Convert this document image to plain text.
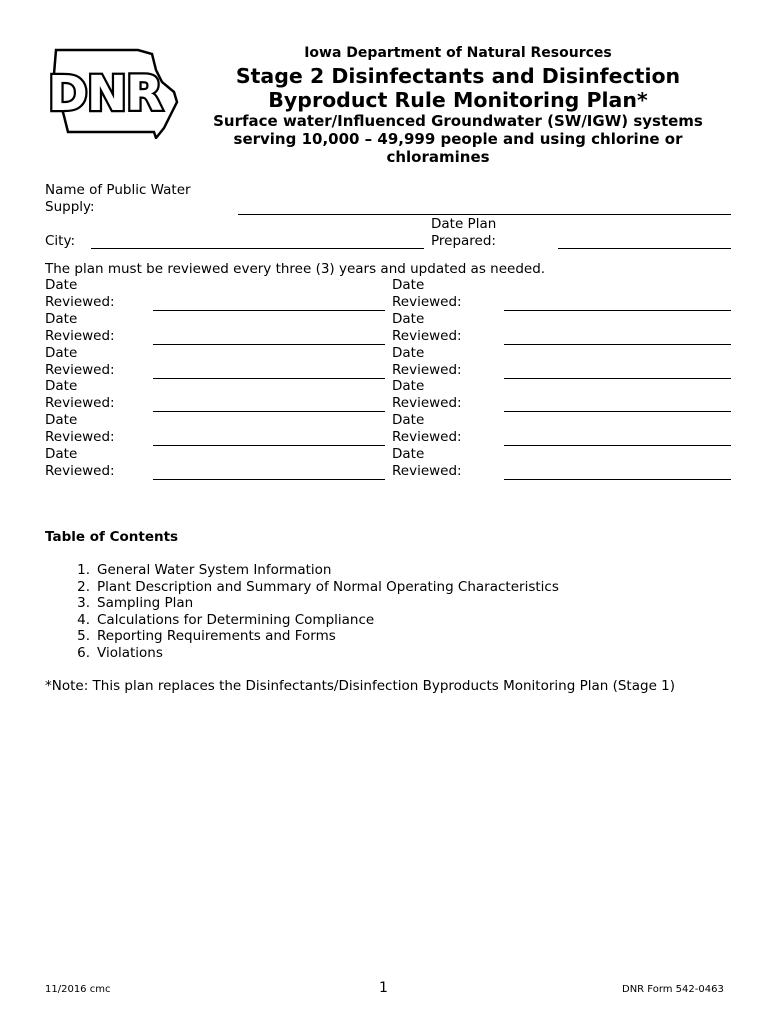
DNR
Iowa Department of Natural Resources
Stage 2 Disinfectants and Disinfection
Byproduct Rule Monitoring Plan*
Surface water/Influenced Groundwater (SW/IGW) systems
serving 10,000 – 49,999 people and using chlorine or
chloramines
Name of Public Water
Supply:
City:
Date Plan
Prepared:
The plan must be reviewed every three (3) years and updated as needed.
Date
Reviewed:
Date
Reviewed:
Date
Reviewed:
Date
Reviewed:
Date
Reviewed:
Date
Reviewed:
Date
Reviewed:
Date
Reviewed:
Date
Reviewed:
Date
Reviewed:
Date
Reviewed:
Date
Reviewed:
Table of Contents
1. General Water System Information
2. Plant Description and Summary of Normal Operating Characteristics
3. Sampling Plan
4. Calculations for Determining Compliance
5. Reporting Requirements and Forms
6. Violations
*Note: This plan replaces the Disinfectants/Disinfection Byproducts Monitoring Plan (Stage 1)
11/2016 cmc	1	DNR Form 542-0463
